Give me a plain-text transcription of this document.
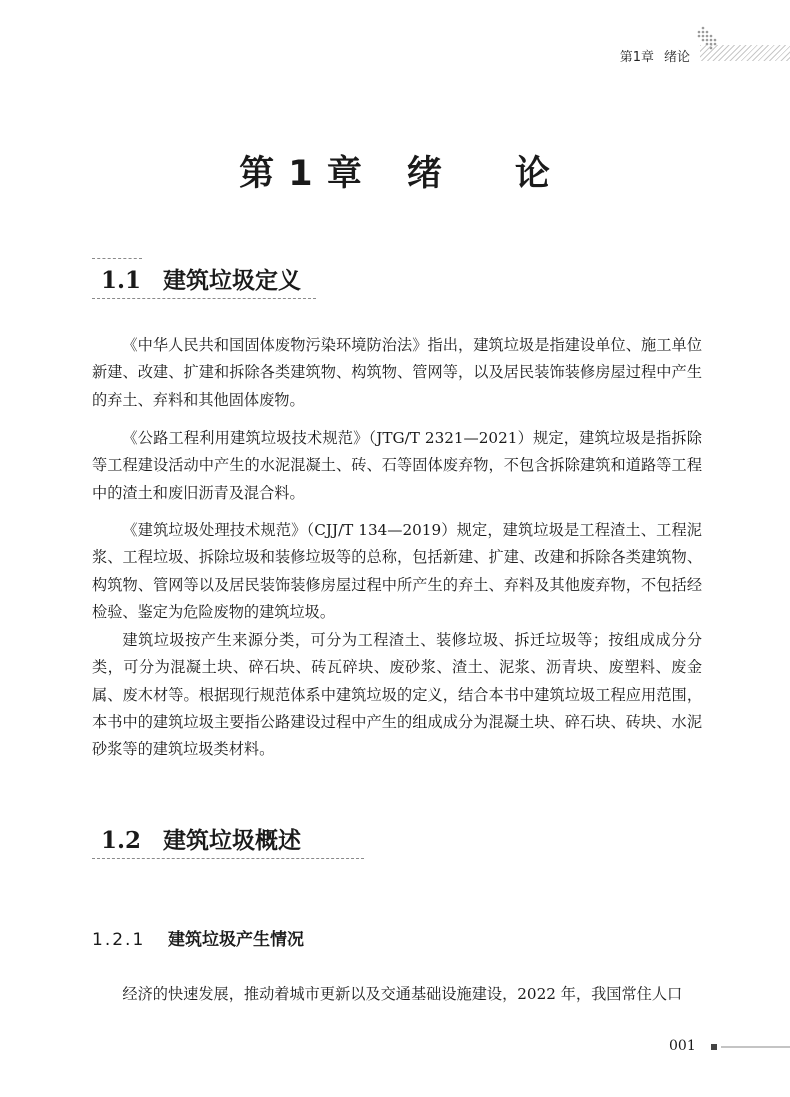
第1章 绪论
第 1 章 绪 论
1.1 建筑垃圾定义

《中华人民共和国固体废物污染环境防治法》指出，建筑垃圾是指建设单位、施工单位新建、改建、扩建和拆除各类建筑物、构筑物、管网等，以及居民装饰装修房屋过程中产生的弃土、弃料和其他固体废物。

《公路工程利用建筑垃圾技术规范》（JTG/T 2321—2021）规定，建筑垃圾是指拆除等工程建设活动中产生的水泥混凝土、砖、石等固体废弃物，不包含拆除建筑和道路等工程中的渣土和废旧沥青及混合料。

《建筑垃圾处理技术规范》（CJJ/T 134—2019）规定，建筑垃圾是工程渣土、工程泥浆、工程垃圾、拆除垃圾和装修垃圾等的总称，包括新建、扩建、改建和拆除各类建筑物、构筑物、管网等以及居民装饰装修房屋过程中所产生的弃土、弃料及其他废弃物，不包括经检验、鉴定为危险废物的建筑垃圾。

建筑垃圾按产生来源分类，可分为工程渣土、装修垃圾、拆迁垃圾等；按组成成分分类，可分为混凝土块、碎石块、砖瓦碎块、废砂浆、渣土、泥浆、沥青块、废塑料、废金属、废木材等。根据现行规范体系中建筑垃圾的定义，结合本书中建筑垃圾工程应用范围，本书中的建筑垃圾主要指公路建设过程中产生的组成成分为混凝土块、碎石块、砖块、水泥砂浆等的建筑垃圾类材料。

1.2 建筑垃圾概述
1.2.1 建筑垃圾产生情况

经济的快速发展，推动着城市更新以及交通基础设施建设，2022 年，我国常住人口

001
